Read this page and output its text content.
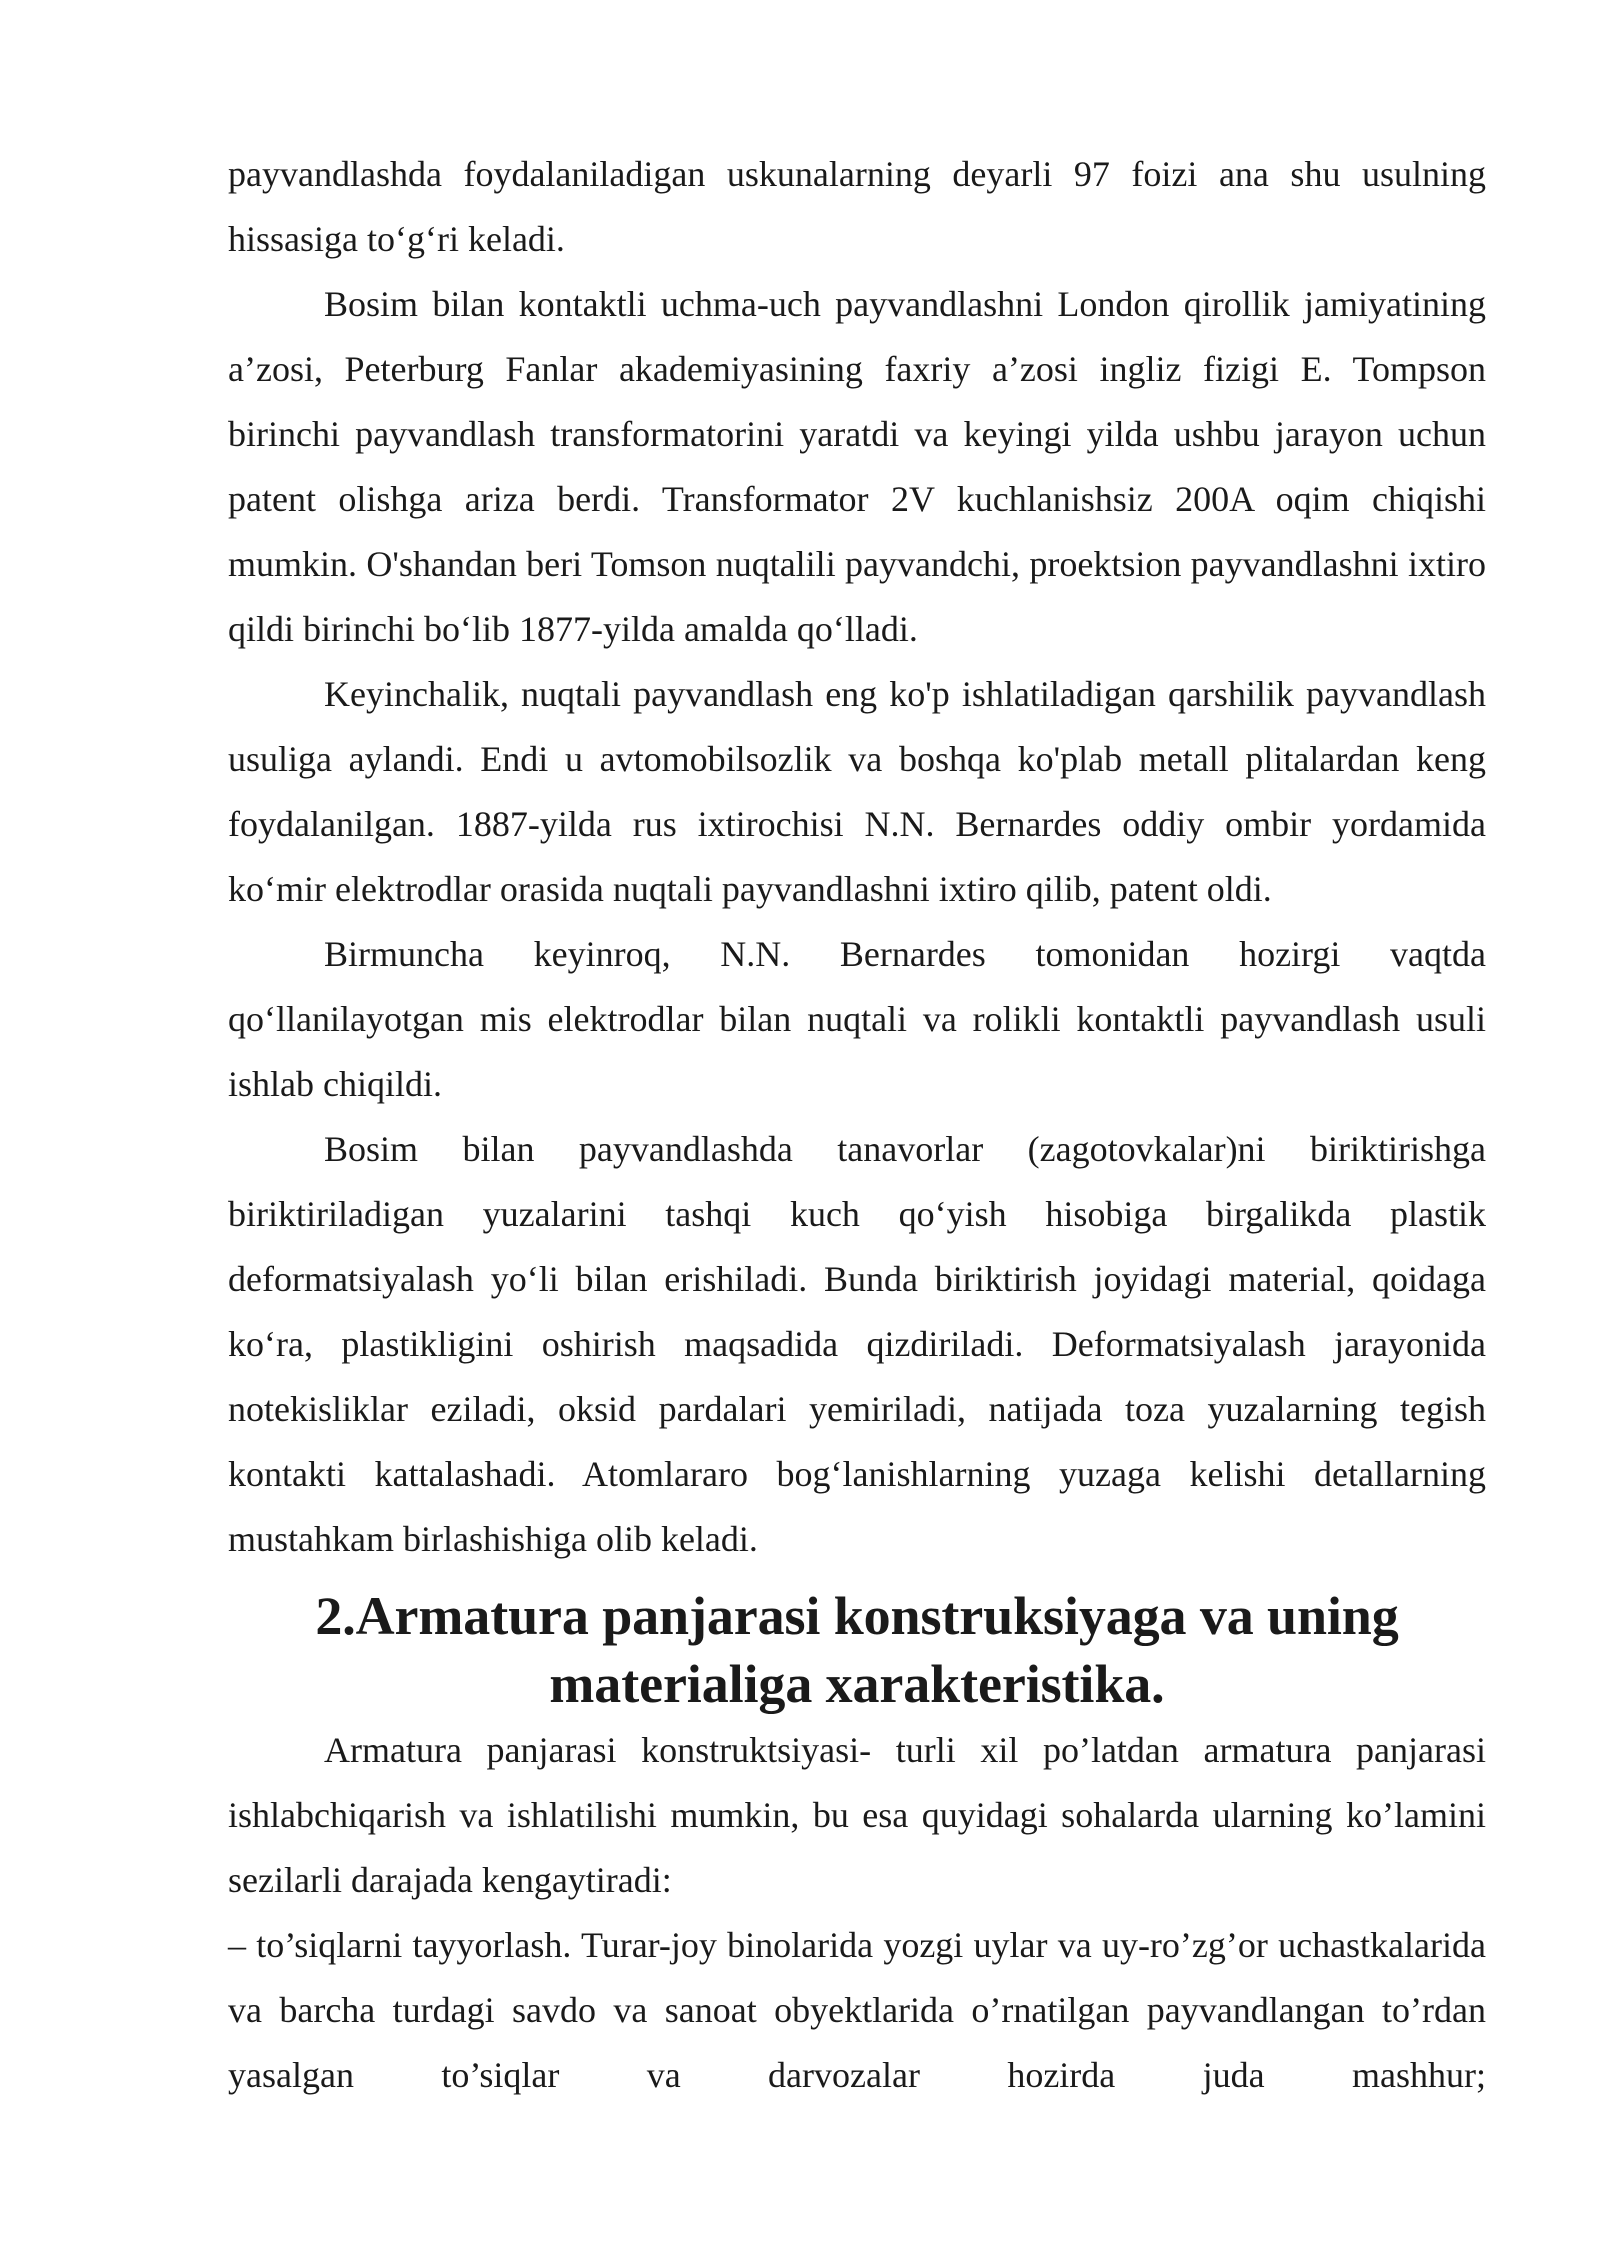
payvandlashda foydalaniladigan uskunalarning deyarli 97 foizi ana shu usulning hissasiga to‘g‘ri keladi.

Bosim bilan kontaktli uchma-uch payvandlashni London qirollik jamiyatining a’zosi, Peterburg Fanlar akademiyasining faxriy a’zosi ingliz fizigi E. Tompson birinchi payvandlash transformatorini yaratdi va keyingi yilda ushbu jarayon uchun patent olishga ariza berdi. Transformator 2V kuchlanishsiz 200A oqim chiqishi mumkin. O'shandan beri Tomson nuqtalili payvandchi, proektsion payvandlashni ixtiro qildi birinchi bo‘lib 1877-yilda amalda qo‘lladi.

Keyinchalik, nuqtali payvandlash eng ko'p ishlatiladigan qarshilik payvandlash usuliga aylandi. Endi u avtomobilsozlik va boshqa ko'plab metall plitalardan keng foydalanilgan. 1887-yilda rus ixtirochisi N.N. Bernardes oddiy ombir yordamida ko‘mir elektrodlar orasida nuqtali payvandlashni ixtiro qilib, patent oldi.

Birmuncha keyinroq, N.N. Bernardes tomonidan hozirgi vaqtda qo‘llanilayotgan mis elektrodlar bilan nuqtali va rolikli kontaktli payvandlash usuli ishlab chiqildi.

Bosim bilan payvandlashda tanavorlar (zagotovkalar)ni biriktirishga biriktiriladigan yuzalarini tashqi kuch qo‘yish hisobiga birgalikda plastik deformatsiyalash yo‘li bilan erishiladi. Bunda biriktirish joyidagi material, qoidaga ko‘ra, plastikligini oshirish maqsadida qizdiriladi. Deformatsiyalash jarayonida notekisliklar eziladi, oksid pardalari yemiriladi, natijada toza yuzalarning tegish kontakti kattalashadi. Atomlararo bog‘lanishlarning yuzaga kelishi detallarning mustahkam birlashishiga olib keladi.

2.Armatura panjarasi konstruksiyaga va uning materialiga xarakteristika.

Armatura panjarasi konstruktsiyasi- turli xil po’latdan armatura panjarasi ishlabchiqarish va ishlatilishi mumkin, bu esa quyidagi sohalarda ularning ko’lamini sezilarli darajada kengaytiradi:

– to’siqlarni tayyorlash. Turar-joy binolarida yozgi uylar va uy-ro’zg’or uchastkalarida va barcha turdagi savdo va sanoat obyektlarida o’rnatilgan payvandlangan to’rdan yasalgan to’siqlar va darvozalar hozirda juda mashhur;
